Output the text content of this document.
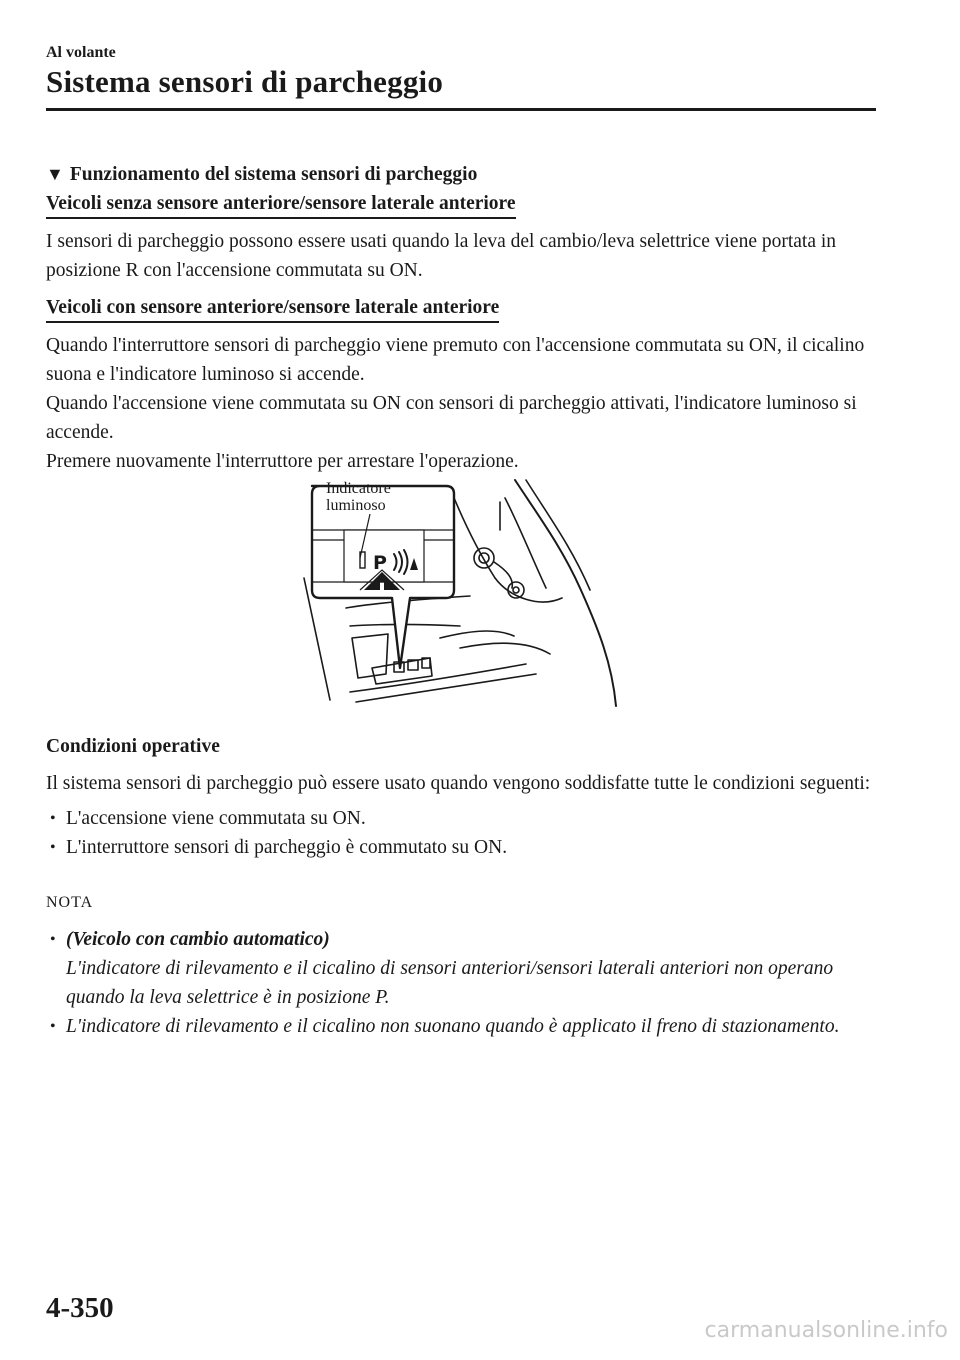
Al volante
Sistema sensori di parcheggio

▼ Funzionamento del sistema sensori di parcheggio

Veicoli senza sensore anteriore/sensore laterale anteriore

I sensori di parcheggio possono essere usati quando la leva del cambio/leva selettrice viene portata in posizione R con l'accensione commutata su ON.

Veicoli con sensore anteriore/sensore laterale anteriore

Quando l'interruttore sensori di parcheggio viene premuto con l'accensione commutata su ON, il cicalino suona e l'indicatore luminoso si accende.

Quando l'accensione viene commutata su ON con sensori di parcheggio attivati, l'indicatore luminoso si accende.

Premere nuovamente l'interruttore per arrestare l'operazione.

P
Indicatore
luminoso

Condizioni operative

Il sistema sensori di parcheggio può essere usato quando vengono soddisfatte tutte le condizioni seguenti:

• L'accensione viene commutata su ON.
• L'interruttore sensori di parcheggio è commutato su ON.

NOTA

• (Veicolo con cambio automatico)
L'indicatore di rilevamento e il cicalino di sensori anteriori/sensori laterali anteriori non operano quando la leva selettrice è in posizione P.
• L'indicatore di rilevamento e il cicalino non suonano quando è applicato il freno di stazionamento.
4-350
carmanualsonline.info
